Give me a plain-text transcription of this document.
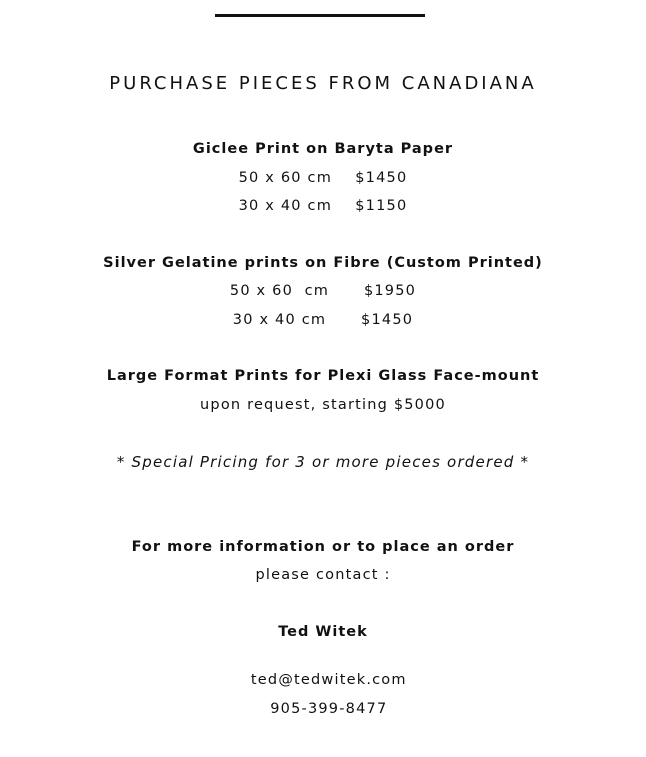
PURCHASE PIECES FROM CANADIANA
Giclee Print on Baryta Paper
50 x 60 cm    $1450
30 x 40 cm    $1150
Silver Gelatine prints on Fibre (Custom Printed)
50 x 60  cm      $1950
30 x 40 cm      $1450
Large Format Prints for Plexi Glass Face-mount
upon request, starting $5000
* Special Pricing for 3 or more pieces ordered *
For more information or to place an order
please contact :
Ted Witek

ted@tedwitek.com

905-399-8477
